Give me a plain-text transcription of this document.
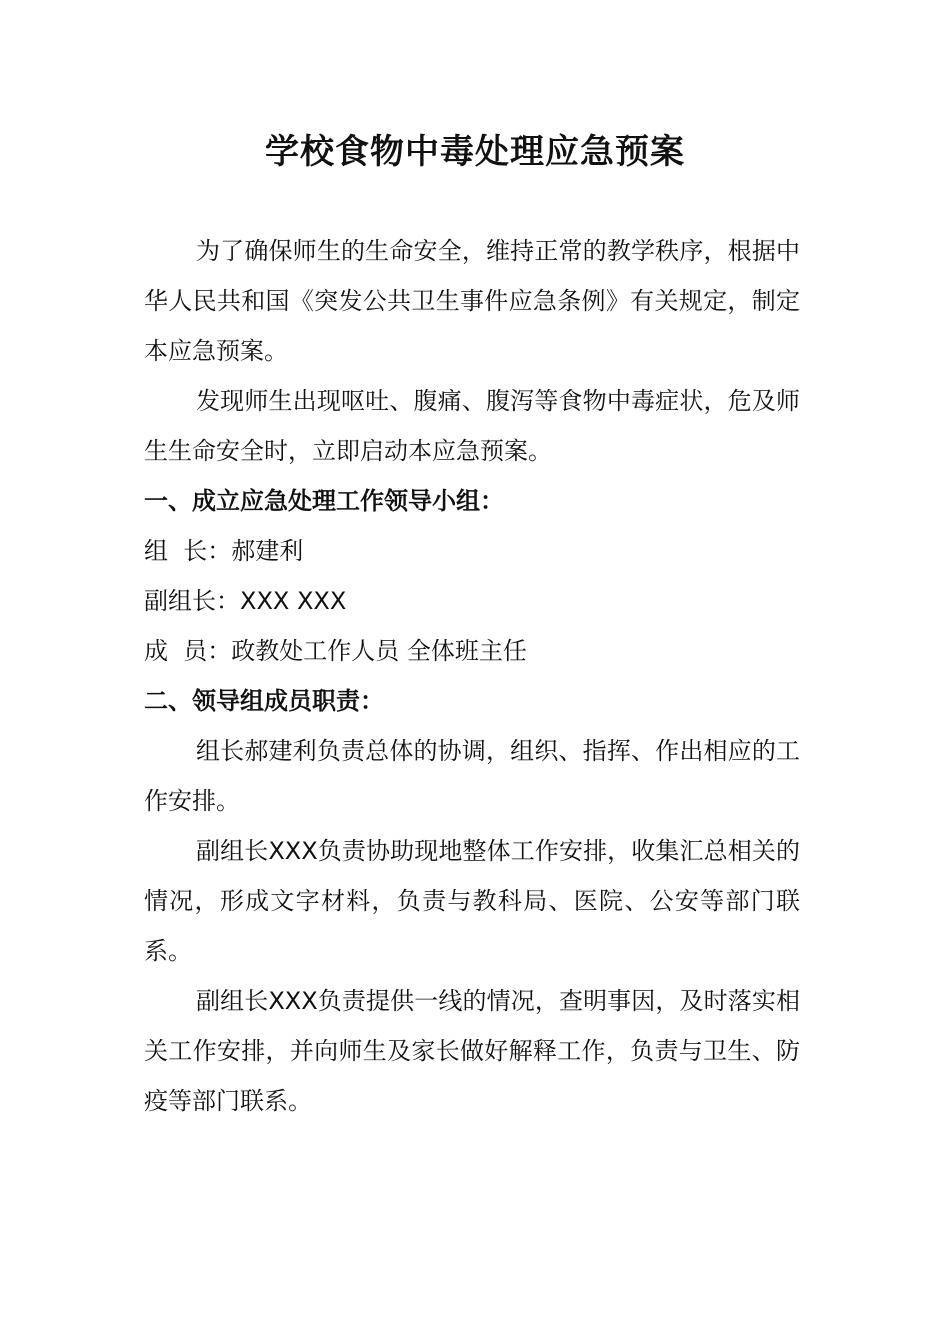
学校食物中毒处理应急预案

为了确保师生的生命安全，维持正常的教学秩序，根据中华人民共和国《突发公共卫生事件应急条例》有关规定，制定本应急预案。

发现师生出现呕吐、腹痛、腹泻等食物中毒症状，危及师生生命安全时，立即启动本应急预案。

一、成立应急处理工作领导小组：

组  长：郝建利

副组长：XXX XXX

成  员：政教处工作人员 全体班主任

二、领导组成员职责：

组长郝建利负责总体的协调，组织、指挥、作出相应的工作安排。

副组长XXX负责协助现地整体工作安排，收集汇总相关的情况，形成文字材料，负责与教科局、医院、公安等部门联系。

副组长XXX负责提供一线的情况，查明事因，及时落实相关工作安排，并向师生及家长做好解释工作，负责与卫生、防疫等部门联系。
